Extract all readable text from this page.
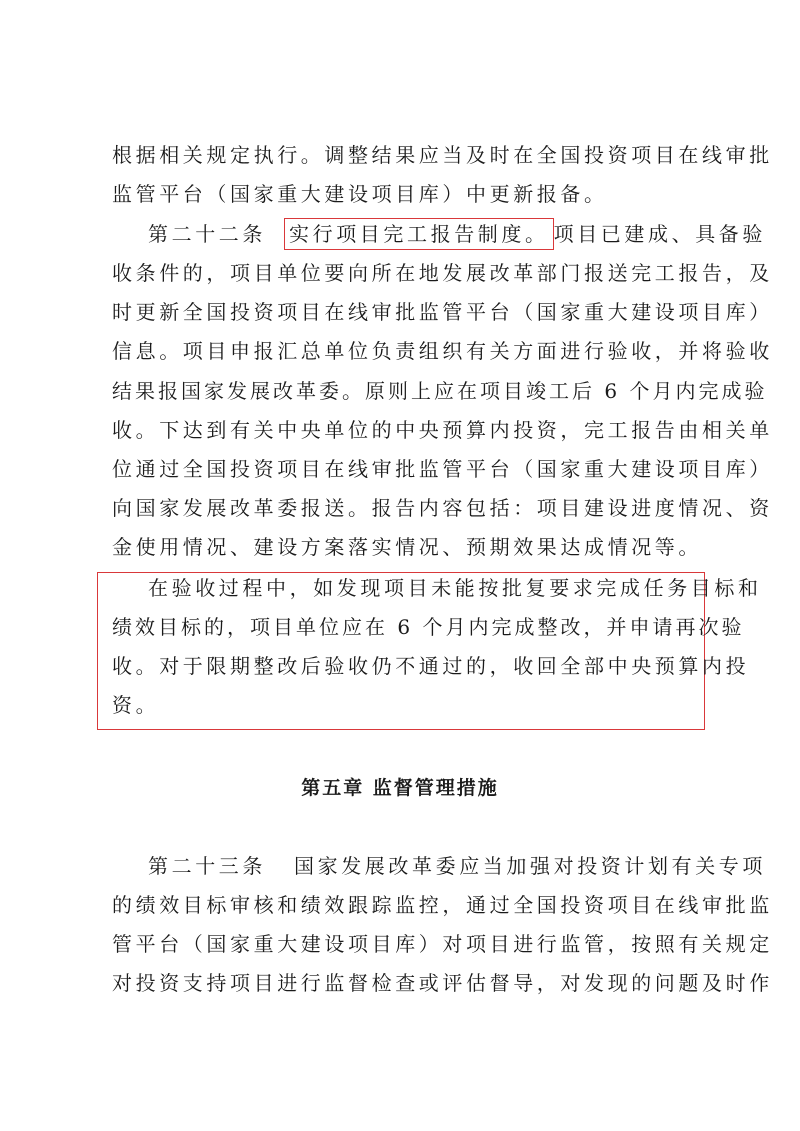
根据相关规定执行。调整结果应当及时在全国投资项目在线审批
监管平台（国家重大建设项目库）中更新报备。
第二十二条 实行项目完工报告制度。 项目已建成、具备验
收条件的，项目单位要向所在地发展改革部门报送完工报告，及
时更新全国投资项目在线审批监管平台（国家重大建设项目库）
信息。项目申报汇总单位负责组织有关方面进行验收，并将验收
结果报国家发展改革委。原则上应在项目竣工后 6 个月内完成验
收。下达到有关中央单位的中央预算内投资，完工报告由相关单
位通过全国投资项目在线审批监管平台（国家重大建设项目库）
向国家发展改革委报送。报告内容包括：项目建设进度情况、资
金使用情况、建设方案落实情况、预期效果达成情况等。
在验收过程中，如发现项目未能按批复要求完成任务目标和
绩效目标的，项目单位应在 6 个月内完成整改，并申请再次验
收。对于限期整改后验收仍不通过的，收回全部中央预算内投
资。
第五章 监督管理措施
第二十三条 国家发展改革委应当加强对投资计划有关专项
的绩效目标审核和绩效跟踪监控，通过全国投资项目在线审批监
管平台（国家重大建设项目库）对项目进行监管，按照有关规定
对投资支持项目进行监督检查或评估督导，对发现的问题及时作
